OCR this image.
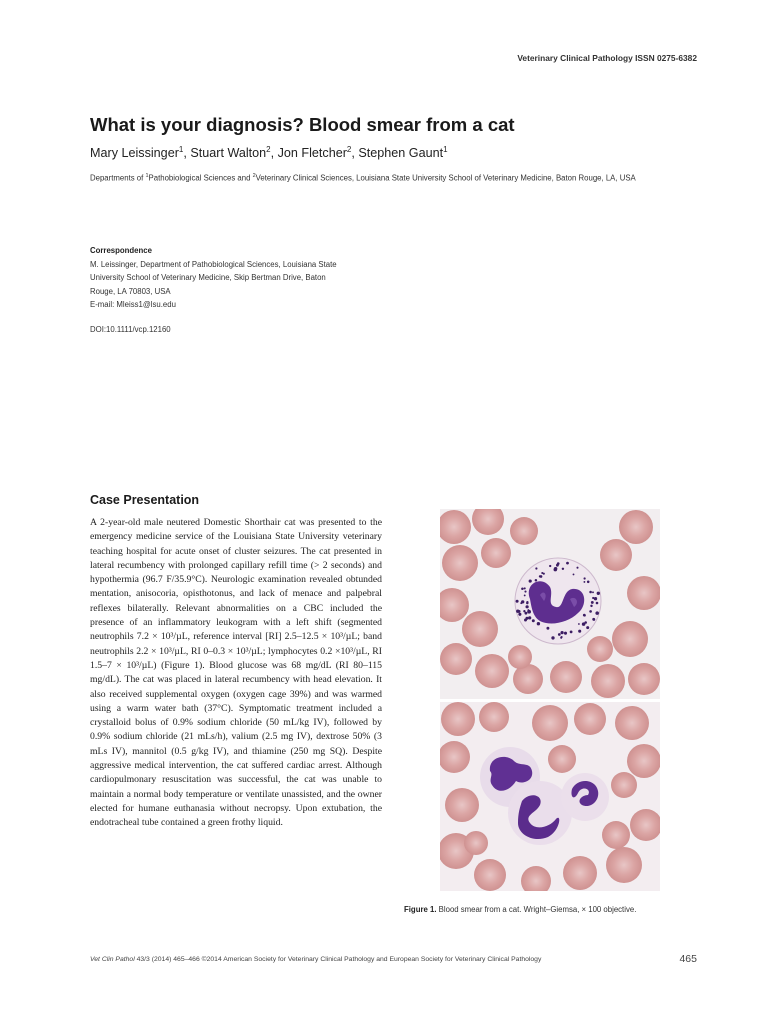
Veterinary Clinical Pathology ISSN 0275-6382
What is your diagnosis? Blood smear from a cat
Mary Leissinger$^1$, Stuart Walton$^2$, Jon Fletcher$^2$, Stephen Gaunt$^1$
Departments of $^1$Pathobiological Sciences and $^2$Veterinary Clinical Sciences, Louisiana State University School of Veterinary Medicine, Baton Rouge, LA, USA
Correspondence
M. Leissinger, Department of Pathobiological Sciences, Louisiana State
University School of Veterinary Medicine, Skip Bertman Drive, Baton
Rouge, LA 70803, USA
E-mail: Mleiss1@lsu.edu
DOI:10.1111/vcp.12160
Case Presentation

A 2-year-old male neutered Domestic Shorthair cat was presented to the emergency medicine service of the Louisiana State University veterinary teaching hospital for acute onset of cluster seizures. The cat presented in lateral recumbency with prolonged capillary refill time (> 2 seconds) and hypothermia (96.7 F/35.9°C). Neurologic examination revealed obtunded mentation, anisocoria, opisthotonus, and lack of menace and palpebral reflexes bilaterally. Relevant abnormalities on a CBC included the presence of an inflammatory leukogram with a left shift (segmented neutrophils 7.2 × 10³/µL, reference interval [RI] 2.5–12.5 × 10³/µL; band neutrophils 2.2 × 10³/µL, RI 0–0.3 × 10³/µL; lymphocytes 0.2 ×10³/µL, RI 1.5–7 × 10³/µL) (Figure 1). Blood glucose was 68 mg/dL (RI 80–115 mg/dL). The cat was placed in lateral recumbency with head elevation. It also received supplemental oxygen (oxygen cage 39%) and was warmed using a warm water bath (37°C). Symptomatic treatment included a crystalloid bolus of 0.9% sodium chloride (50 mL/kg IV), followed by 0.9% sodium chloride (21 mLs/h), valium (2.5 mg IV), dextrose 50% (3 mLs IV), mannitol (0.5 g/kg IV), and thiamine (250 mg SQ). Despite aggressive medical intervention, the cat suffered cardiac arrest. Although cardiopulmonary resuscitation was successful, the cat was unable to maintain a normal body temperature or ventilate unassisted, and the owner elected for humane euthanasia without necropsy. Upon extubation, the endotracheal tube contained a green frothy liquid.

Figure 1. Blood smear from a cat. Wright–Giemsa, × 100 objective.
Vet Clin Pathol 43/3 (2014) 465–466 ©2014 American Society for Veterinary Clinical Pathology and European Society for Veterinary Clinical Pathology	465
